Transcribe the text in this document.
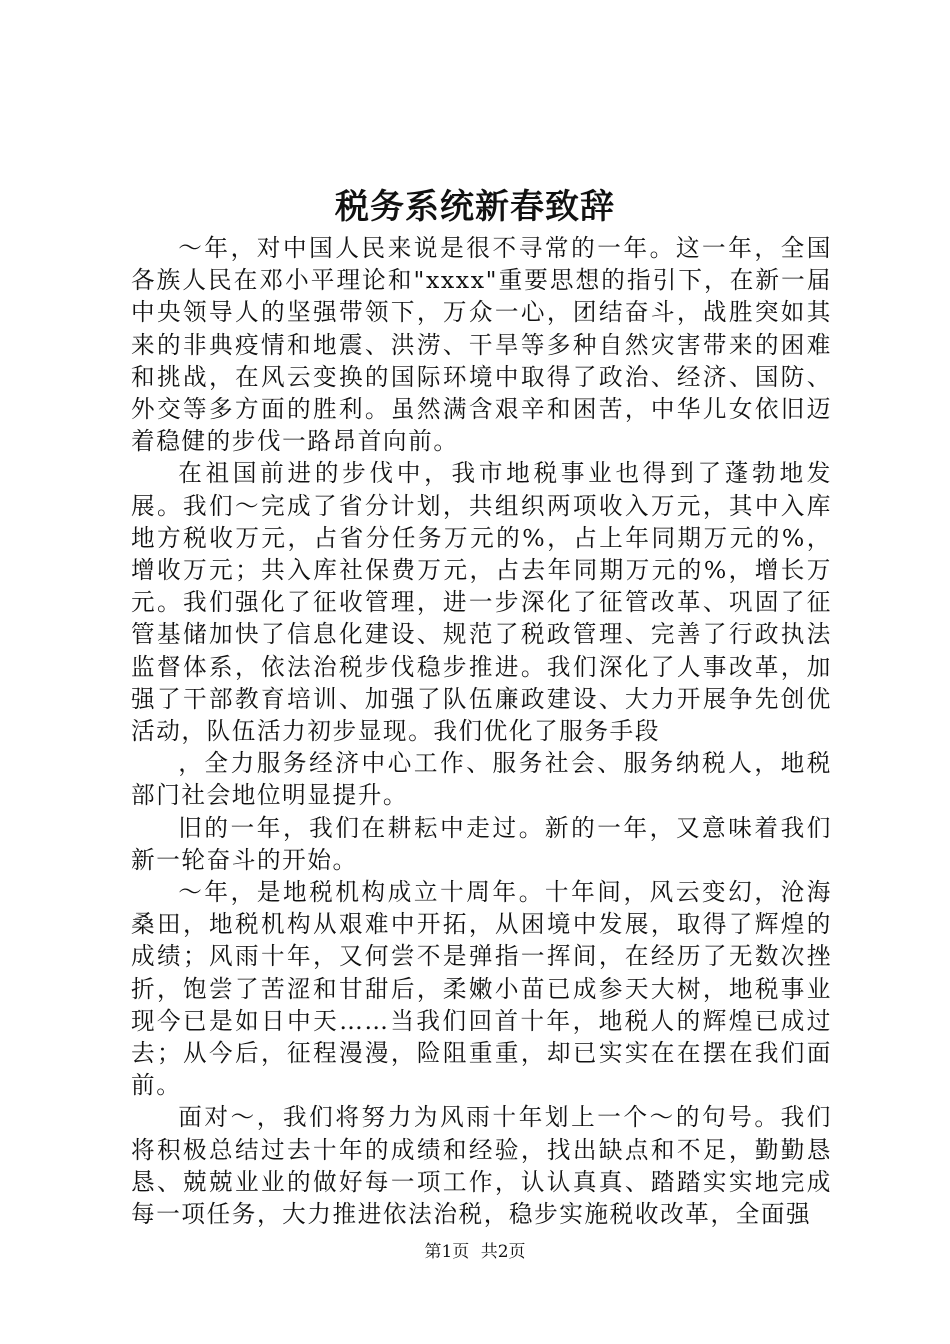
税务系统新春致辞

～年，对中国人民来说是很不寻常的一年。这一年，全国各族人民在邓小平理论和"xxxx"重要思想的指引下，在新一届中央领导人的坚强带领下，万众一心，团结奋斗，战胜突如其来的非典疫情和地震、洪涝、干旱等多种自然灾害带来的困难和挑战，在风云变换的国际环境中取得了政治、经济、国防、外交等多方面的胜利。虽然满含艰辛和困苦，中华儿女依旧迈着稳健的步伐一路昂首向前。

在祖国前进的步伐中，我市地税事业也得到了蓬勃地发展。我们～完成了省分计划，共组织两项收入万元，其中入库地方税收万元，占省分任务万元的%，占上年同期万元的%，增收万元；共入库社保费万元，占去年同期万元的%，增长万元。我们强化了征收管理，进一步深化了征管改革、巩固了征管基储加快了信息化建设、规范了税政管理、完善了行政执法监督体系，依法治税步伐稳步推进。我们深化了人事改革，加强了干部教育培训、加强了队伍廉政建设、大力开展争先创优活动，队伍活力初步显现。我们优化了服务手段

，全力服务经济中心工作、服务社会、服务纳税人，地税部门社会地位明显提升。

旧的一年，我们在耕耘中走过。新的一年，又意味着我们新一轮奋斗的开始。

～年，是地税机构成立十周年。十年间，风云变幻，沧海桑田，地税机构从艰难中开拓，从困境中发展，取得了辉煌的成绩；风雨十年，又何尝不是弹指一挥间，在经历了无数次挫折，饱尝了苦涩和甘甜后，柔嫩小苗已成参天大树，地税事业现今已是如日中天……当我们回首十年，地税人的辉煌已成过去；从今后，征程漫漫，险阻重重，却已实实在在摆在我们面前。

面对～，我们将努力为风雨十年划上一个～的句号。我们将积极总结过去十年的成绩和经验，找出缺点和不足，勤勤恳恳、兢兢业业的做好每一项工作，认认真真、踏踏实实地完成每一项任务，大力推进依法治税，稳步实施税收改革，全面强

第1页 共2页
